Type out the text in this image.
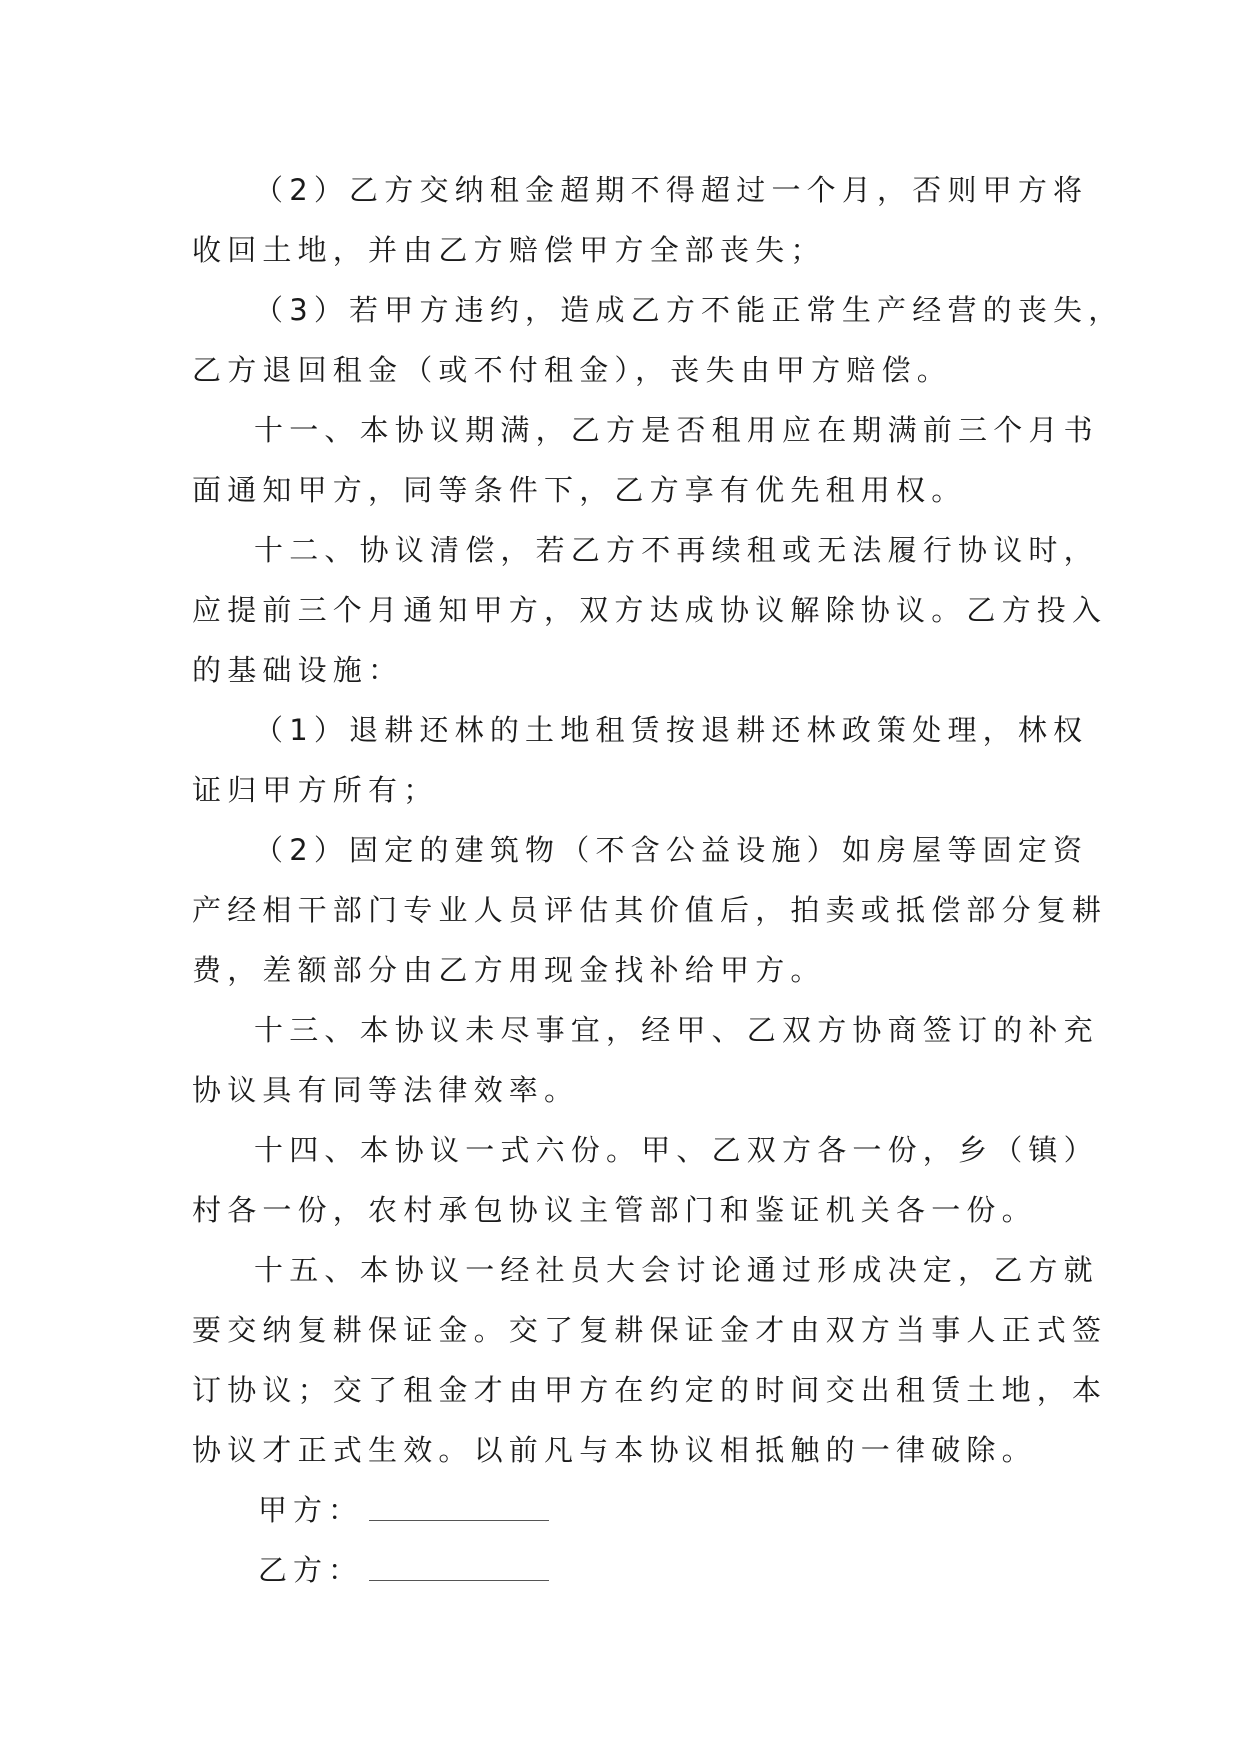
（2）乙方交纳租金超期不得超过一个月，否则甲方将
收回土地，并由乙方赔偿甲方全部丧失；
（3）若甲方违约，造成乙方不能正常生产经营的丧失，
乙方退回租金（或不付租金），丧失由甲方赔偿。
十一、本协议期满，乙方是否租用应在期满前三个月书
面通知甲方，同等条件下，乙方享有优先租用权。
十二、协议清偿，若乙方不再续租或无法履行协议时，
应提前三个月通知甲方，双方达成协议解除协议。乙方投入
的基础设施：
（1）退耕还林的土地租赁按退耕还林政策处理，林权
证归甲方所有；
（2）固定的建筑物（不含公益设施）如房屋等固定资
产经相干部门专业人员评估其价值后，拍卖或抵偿部分复耕
费，差额部分由乙方用现金找补给甲方。
十三、本协议未尽事宜，经甲、乙双方协商签订的补充
协议具有同等法律效率。
十四、本协议一式六份。甲、乙双方各一份，乡（镇）
村各一份，农村承包协议主管部门和鉴证机关各一份。
十五、本协议一经社员大会讨论通过形成决定，乙方就
要交纳复耕保证金。交了复耕保证金才由双方当事人正式签
订协议；交了租金才由甲方在约定的时间交出租赁土地，本
协议才正式生效。以前凡与本协议相抵触的一律破除。
甲方：
乙方：
